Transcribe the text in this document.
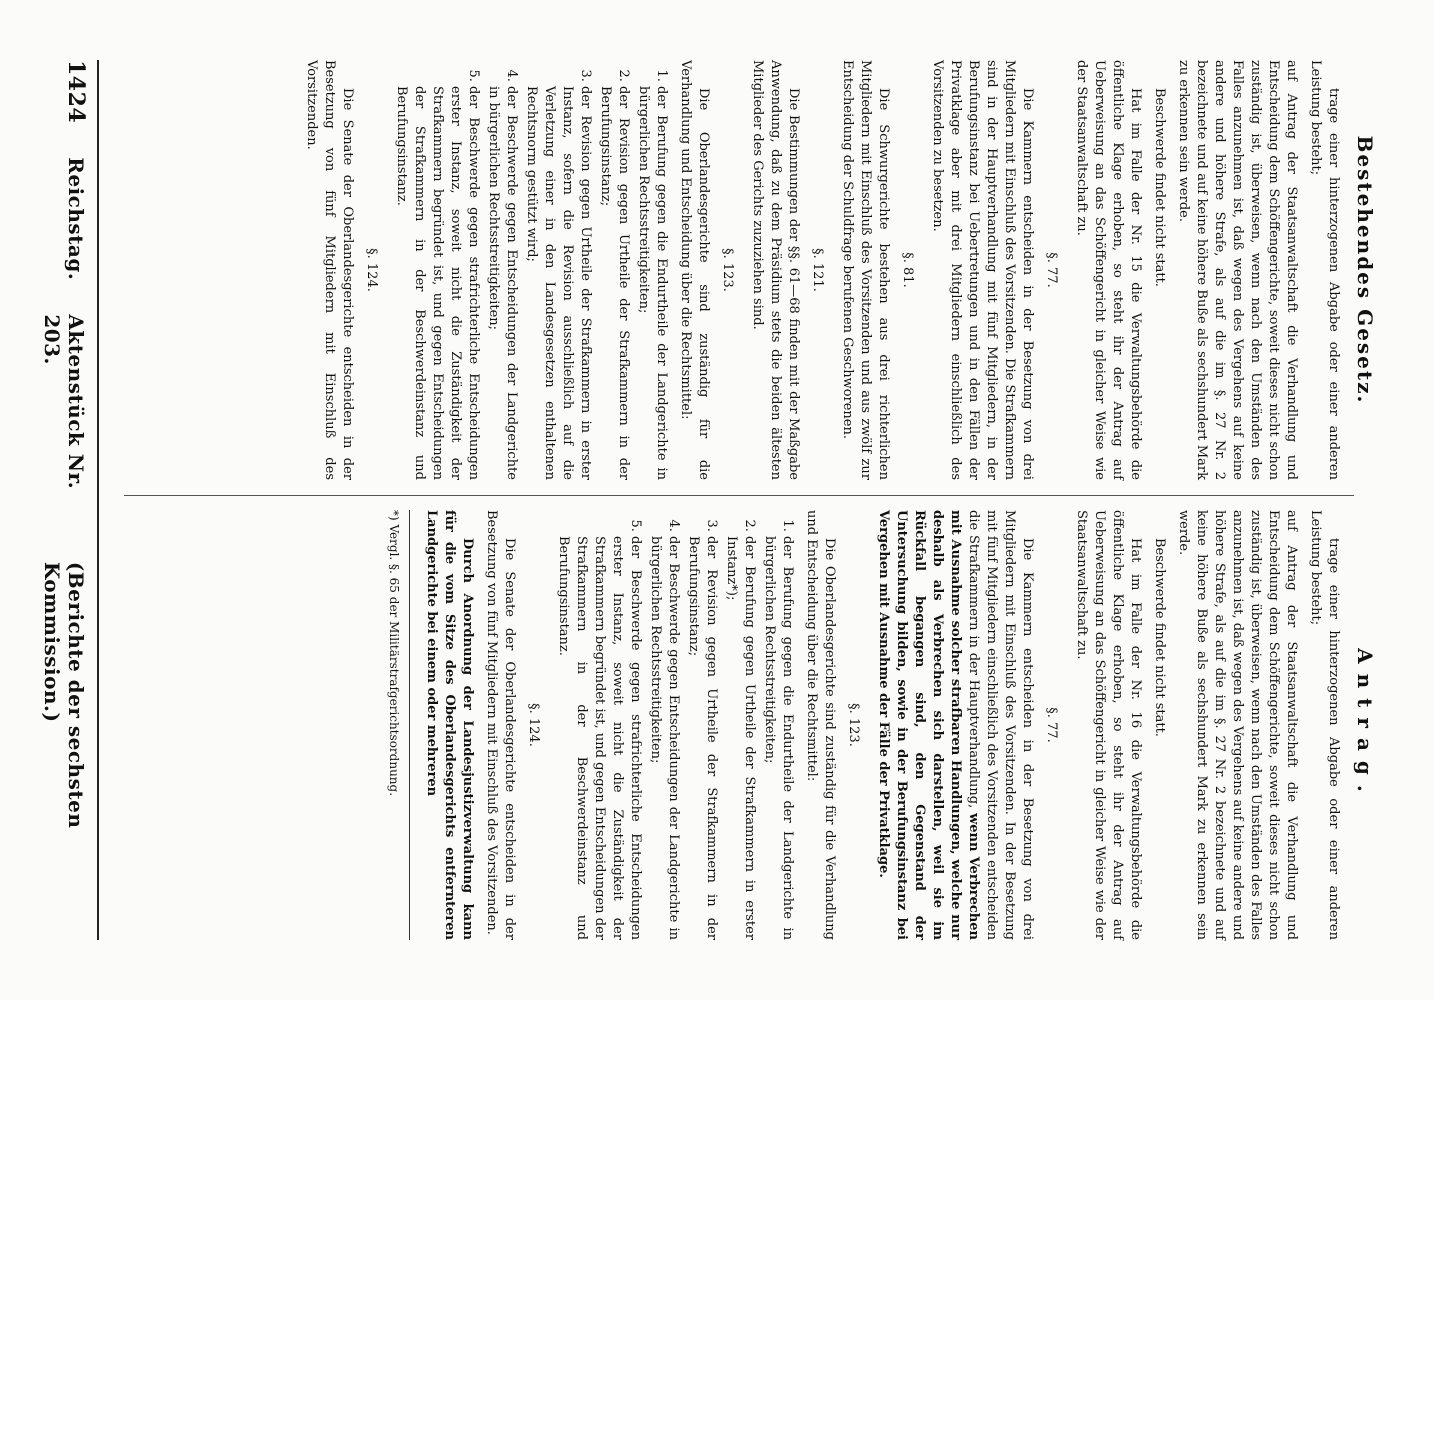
1424
Reichstag.
Aktenstück Nr. 203.
(Berichte der sechsten Kommission.)
Bestehendes Gesetz.

trage einer hinterzogenen Abgabe oder einer anderen Leistung besteht;

auf Antrag der Staatsanwaltschaft die Verhandlung und Entscheidung dem Schöffengerichte, soweit dieses nicht schon zuständig ist, überweisen, wenn nach den Umständen des Falles anzunehmen ist, daß wegen des Vergehens auf keine andere und höhere Strafe, als auf die im §. 27 Nr. 2 bezeichnete und auf keine höhere Buße als sechshundert Mark zu erkennen sein werde.

Beschwerde findet nicht statt.

Hat im Falle der Nr. 15 die Verwaltungsbehörde die öffentliche Klage erhoben, so steht ihr der Antrag auf Ueberweisung an das Schöffengericht in gleicher Weise wie der Staatsanwaltschaft zu.

§. 77.

Die Kammern entscheiden in der Besetzung von drei Mitgliedern mit Einschluß des Vorsitzenden. Die Strafkammern sind in der Hauptverhandlung mit fünf Mitgliedern, in der Berufungsinstanz bei Uebertretungen und in den Fällen der Privatklage aber mit drei Mitgliedern einschließlich des Vorsitzenden zu besetzen.

§. 81.

Die Schwurgerichte bestehen aus drei richterlichen Mitgliedern mit Einschluß des Vorsitzenden und aus zwölf zur Entscheidung der Schuldfrage berufenen Geschworenen.

§. 121.

Die Bestimmungen der §§. 61—68 finden mit der Maßgabe Anwendung, daß zu dem Präsidium stets die beiden ältesten Mitglieder des Gerichts zuzuziehen sind.

§. 123.

Die Oberlandesgerichte sind zuständig für die Verhandlung und Entscheidung über die Rechtsmittel:

1. der Berufung gegen die Endurtheile der Landgerichte in bürgerlichen Rechtsstreitigkeiten;
2. der Revision gegen Urtheile der Strafkammern in der Berufungsinstanz;
3. der Revision gegen Urtheile der Strafkammern in erster Instanz, sofern die Revision ausschließlich auf die Verletzung einer in den Landesgesetzen enthaltenen Rechtsnorm gestützt wird;
4. der Beschwerde gegen Entscheidungen der Landgerichte in bürgerlichen Rechtsstreitigkeiten;
5. der Beschwerde gegen strafrichterliche Entscheidungen erster Instanz, soweit nicht die Zuständigkeit der Strafkammern begründet ist, und gegen Entscheidungen der Strafkammern in der Beschwerdeinstanz und Berufungsinstanz.
§. 124.

Die Senate der Oberlandesgerichte entscheiden in der Besetzung von fünf Mitgliedern mit Einschluß des Vorsitzenden.

Antrag.

trage einer hinterzogenen Abgabe oder einer anderen Leistung besteht;

auf Antrag der Staatsanwaltschaft die Verhandlung und Entscheidung dem Schöffengerichte, soweit dieses nicht schon zuständig ist, überweisen, wenn nach den Umständen des Falles anzunehmen ist, daß wegen des Vergehens auf keine andere und höhere Strafe, als auf die im §. 27 Nr. 2 bezeichnete und auf keine höhere Buße als sechshundert Mark zu erkennen sein werde.

Beschwerde findet nicht statt.

Hat im Falle der Nr. 16 die Verwaltungsbehörde die öffentliche Klage erhoben, so steht ihr der Antrag auf Ueberweisung an das Schöffengericht in gleicher Weise wie der Staatsanwaltschaft zu.

§. 77.

Die Kammern entscheiden in der Besetzung von drei Mitgliedern mit Einschluß des Vorsitzenden. In der Besetzung mit fünf Mitgliedern einschließlich des Vorsitzenden entscheiden die Strafkammern in der Hauptverhandlung, wenn Verbrechen mit Ausnahme solcher strafbaren Handlungen, welche nur deshalb als Verbrechen sich darstellen, weil sie im Rückfall begangen sind, den Gegenstand der Untersuchung bilden, sowie in der Berufungsinstanz bei Vergehen mit Ausnahme der Fälle der Privatklage.

§. 123.

Die Oberlandesgerichte sind zuständig für die Verhandlung und Entscheidung über die Rechtsmittel:

1. der Berufung gegen die Endurtheile der Landgerichte in bürgerlichen Rechtsstreitigkeiten;
2. der Berufung gegen Urtheile der Strafkammern in erster Instanz*);
3. der Revision gegen Urtheile der Strafkammern in der Berufungsinstanz;
4. der Beschwerde gegen Entscheidungen der Landgerichte in bürgerlichen Rechtsstreitigkeiten;
5. der Beschwerde gegen strafrichterliche Entscheidungen erster Instanz, soweit nicht die Zuständigkeit der Strafkammern begründet ist, und gegen Entscheidungen der Strafkammern in der Beschwerdeinstanz und Berufungsinstanz.
§. 124.

Die Senate der Oberlandesgerichte entscheiden in der Besetzung von fünf Mitgliedern mit Einschluß des Vorsitzenden.

Durch Anordnung der Landesjustizverwaltung kann für die vom Sitze des Oberlandesgerichts entfernteren Landgerichte bei einem oder mehreren

*) Vergl. §. 65 der Militärstrafgerichtsordnung.
